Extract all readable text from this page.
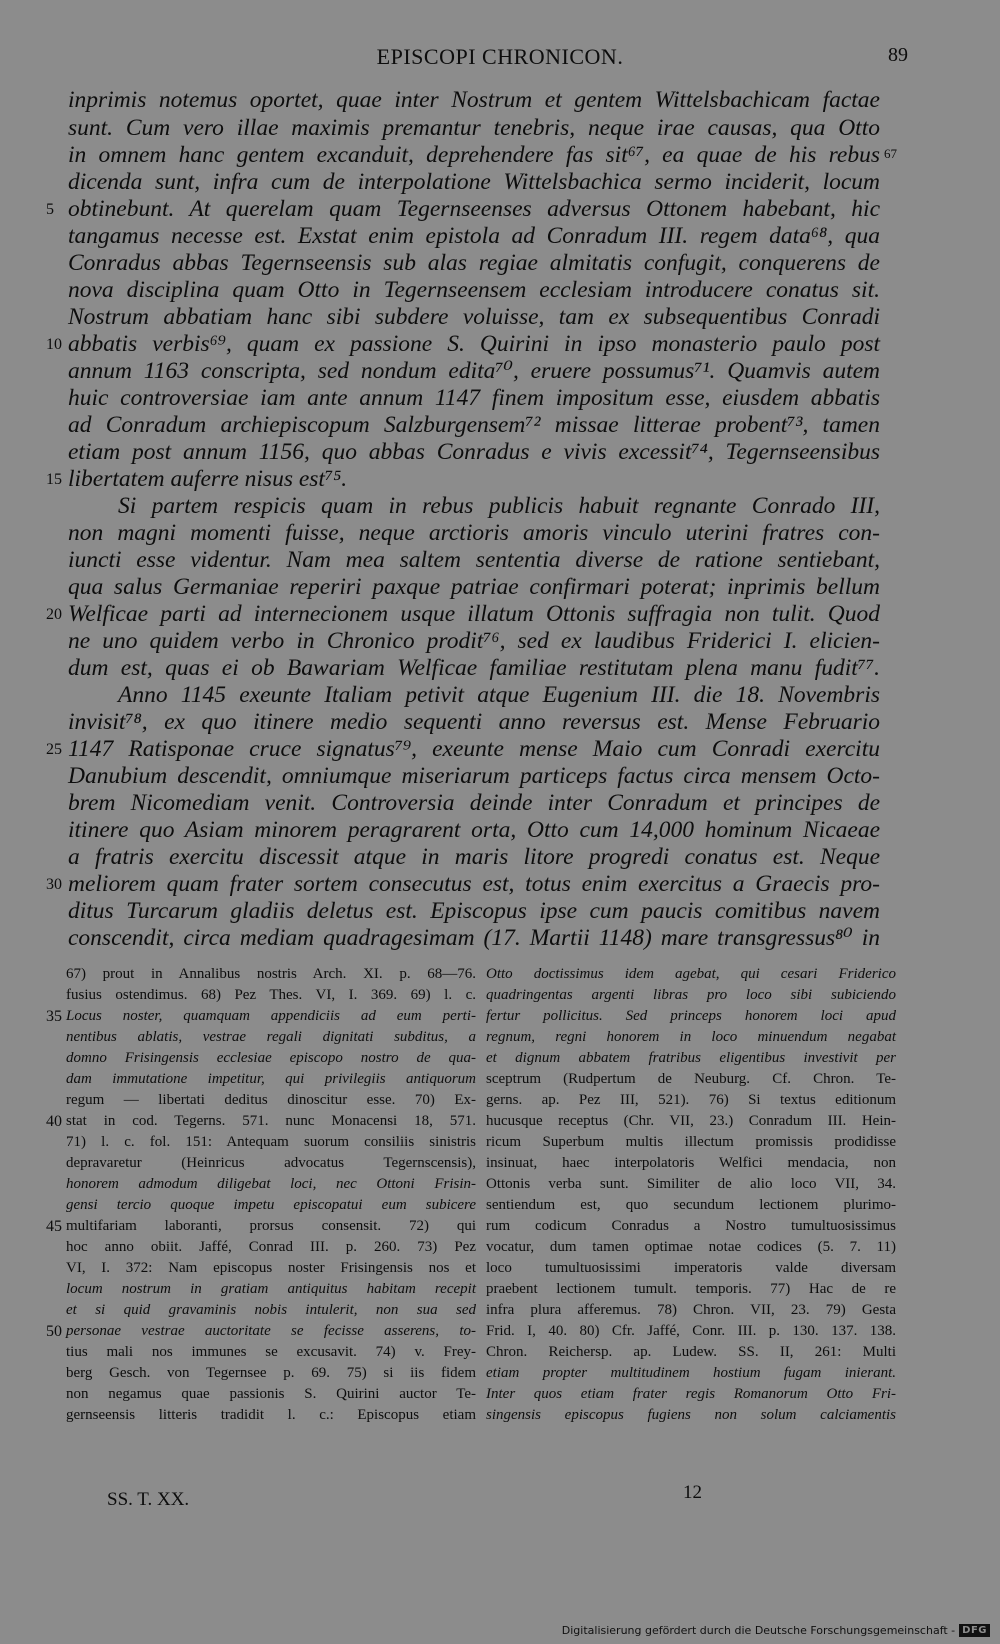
EPISCOPI CHRONICON.	89
67
inprimis notemus oportet, quae inter Nostrum et gentem Wittelsbachicam factae
sunt. Cum vero illae maximis premantur tenebris, neque irae causas, qua Otto
in omnem hanc gentem excanduit, deprehendere fas sit⁶⁷, ea quae de his rebus
dicenda sunt, infra cum de interpolatione Wittelsbachica sermo inciderit, locum
obtinebunt. At querelam quam Tegernseenses adversus Ottonem habebant, hic
tangamus necesse est. Exstat enim epistola ad Conradum III. regem data⁶⁸, qua
Conradus abbas Tegernseensis sub alas regiae almitatis confugit, conquerens de
nova disciplina quam Otto in Tegernseensem ecclesiam introducere conatus sit.
Nostrum abbatiam hanc sibi subdere voluisse, tam ex subsequentibus Conradi
abbatis verbis⁶⁹, quam ex passione S. Quirini in ipso monasterio paulo post
annum 1163 conscripta, sed nondum edita⁷⁰, eruere possumus⁷¹. Quamvis autem
huic controversiae iam ante annum 1147 finem impositum esse, eiusdem abbatis
ad Conradum archiepiscopum Salzburgensem⁷² missae litterae probent⁷³, tamen
etiam post annum 1156, quo abbas Conradus e vivis excessit⁷⁴, Tegernseensibus
libertatem auferre nisus est⁷⁵.
Si partem respicis quam in rebus publicis habuit regnante Conrado III,
non magni momenti fuisse, neque arctioris amoris vinculo uterini fratres con-
iuncti esse videntur. Nam mea saltem sententia diverse de ratione sentiebant,
qua salus Germaniae reperiri paxque patriae confirmari poterat; inprimis bellum
Welficae parti ad internecionem usque illatum Ottonis suffragia non tulit. Quod
ne uno quidem verbo in Chronico prodit⁷⁶, sed ex laudibus Friderici I. elicien-
dum est, quas ei ob Bawariam Welficae familiae restitutam plena manu fudit⁷⁷.
Anno 1145 exeunte Italiam petivit atque Eugenium III. die 18. Novembris
invisit⁷⁸, ex quo itinere medio sequenti anno reversus est. Mense Februario
1147 Ratisponae cruce signatus⁷⁹, exeunte mense Maio cum Conradi exercitu
Danubium descendit, omniumque miseriarum particeps factus circa mensem Octo-
brem Nicomediam venit. Controversia deinde inter Conradum et principes de
itinere quo Asiam minorem peragrarent orta, Otto cum 14,000 hominum Nicaeae
a fratris exercitu discessit atque in maris litore progredi conatus est. Neque
meliorem quam frater sortem consecutus est, totus enim exercitus a Graecis pro-
ditus Turcarum gladiis deletus est. Episcopus ipse cum paucis comitibus navem
conscendit, circa mediam quadragesimam (17. Martii 1148) mare transgressus⁸⁰ in
5
10
15
20
25
30
67) prout in Annalibus nostris Arch. XI. p. 68—76.
fusius ostendimus. 68) Pez Thes. VI, I. 369. 69) l. c.
Locus noster, quamquam appendiciis ad eum perti-
nentibus ablatis, vestrae regali dignitati subditus, a
domno Frisingensis ecclesiae episcopo nostro de qua-
dam immutatione impetitur, qui privilegiis antiquorum
regum — libertati deditus dinoscitur esse. 70) Ex-
stat in cod. Tegerns. 571. nunc Monacensi 18, 571.
71) l. c. fol. 151: Antequam suorum consiliis sinistris
depravaretur (Heinricus advocatus Tegernscensis),
honorem admodum diligebat loci, nec Ottoni Frisin-
gensi tercio quoque impetu episcopatui eum subicere
multifariam laboranti, prorsus consensit. 72) qui
hoc anno obiit. Jaffé, Conrad III. p. 260. 73) Pez
VI, I. 372: Nam episcopus noster Frisingensis nos et
locum nostrum in gratiam antiquitus habitam recepit
et si quid gravaminis nobis intulerit, non sua sed
personae vestrae auctoritate se fecisse asserens, to-
tius mali nos immunes se excusavit. 74) v. Frey-
berg Gesch. von Tegernsee p. 69. 75) si iis fidem
non negamus quae passionis S. Quirini auctor Te-
gernseensis litteris tradidit l. c.: Episcopus etiam
35
40
45
50
Otto doctissimus idem agebat, qui cesari Friderico
quadringentas argenti libras pro loco sibi subiciendo
fertur pollicitus. Sed princeps honorem loci apud
regnum, regni honorem in loco minuendum negabat
et dignum abbatem fratribus eligentibus investivit per
sceptrum (Rudpertum de Neuburg. Cf. Chron. Te-
gerns. ap. Pez III, 521). 76) Si textus editionum
hucusque receptus (Chr. VII, 23.) Conradum III. Hein-
ricum Superbum multis illectum promissis prodidisse
insinuat, haec interpolatoris Welfici mendacia, non
Ottonis verba sunt. Similiter de alio loco VII, 34.
sentiendum est, quo secundum lectionem plurimo-
rum codicum Conradus a Nostro tumultuosissimus
vocatur, dum tamen optimae notae codices (5. 7. 11)
loco tumultuosissimi imperatoris valde diversam
praebent lectionem tumult. temporis. 77) Hac de re
infra plura afferemus. 78) Chron. VII, 23. 79) Gesta
Frid. I, 40. 80) Cfr. Jaffé, Conr. III. p. 130. 137. 138.
Chron. Reichersp. ap. Ludew. SS. II, 261: Multi
etiam propter multitudinem hostium fugam inierant.
Inter quos etiam frater regis Romanorum Otto Fri-
singensis episcopus fugiens non solum calciamentis
SS. T. XX.	12
Digitalisierung gefördert durch die Deutsche Forschungsgemeinschaft - DFG
